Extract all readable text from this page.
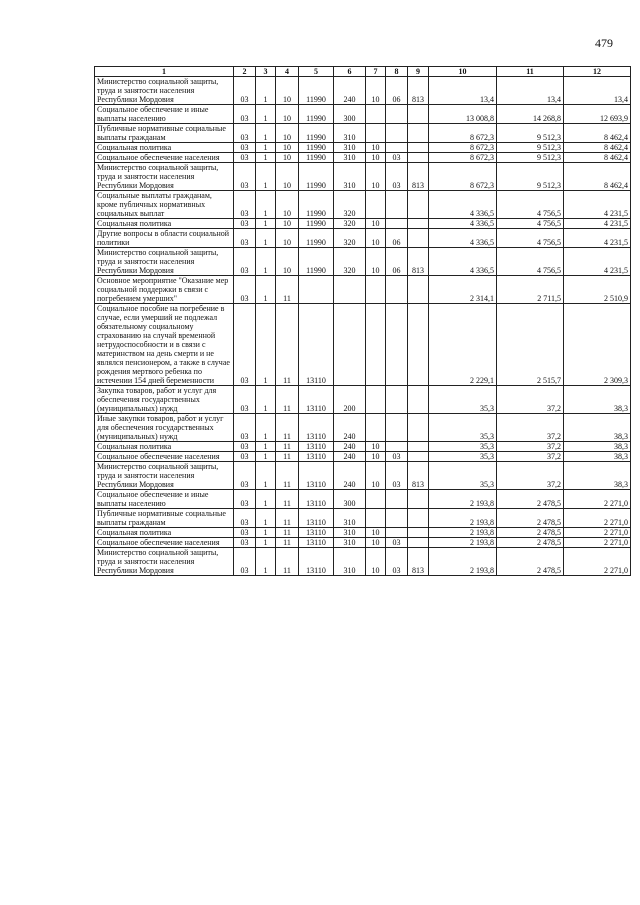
479
1	2	3	4	5	6	7	8	9	10	11	12
Министерство социальной защиты, труда и занятости населения Республики Мордовия	03	1	10	11990	240	10	06	813	13,4	13,4	13,4
Социальное обеспечение и иные выплаты населению	03	1	10	11990	300				13 008,8	14 268,8	12 693,9
Публичные нормативные социальные выплаты гражданам	03	1	10	11990	310				8 672,3	9 512,3	8 462,4
Социальная политика	03	1	10	11990	310	10			8 672,3	9 512,3	8 462,4
Социальное обеспечение населения	03	1	10	11990	310	10	03		8 672,3	9 512,3	8 462,4
Министерство социальной защиты, труда и занятости населения Республики Мордовия	03	1	10	11990	310	10	03	813	8 672,3	9 512,3	8 462,4
Социальные выплаты гражданам, кроме публичных нормативных социальных выплат	03	1	10	11990	320				4 336,5	4 756,5	4 231,5
Социальная политика	03	1	10	11990	320	10			4 336,5	4 756,5	4 231,5
Другие вопросы в области социальной политики	03	1	10	11990	320	10	06		4 336,5	4 756,5	4 231,5
Министерство социальной защиты, труда и занятости населения Республики Мордовия	03	1	10	11990	320	10	06	813	4 336,5	4 756,5	4 231,5
Основное мероприятие "Оказание мер социальной поддержки в связи с погребением умерших"	03	1	11						2 314,1	2 711,5	2 510,9
Социальное пособие на погребение в случае, если умерший не подлежал обязательному социальному страхованию на случай временной нетрудоспособности и в связи с материнством на день смерти и не являлся пенсионером, а также в случае рождения мертвого ребенка по истечении 154 дней беременности	03	1	11	13110					2 229,1	2 515,7	2 309,3
Закупка товаров, работ и услуг для обеспечения государственных (муниципальных) нужд	03	1	11	13110	200				35,3	37,2	38,3
Иные закупки товаров, работ и услуг для обеспечения государственных (муниципальных) нужд	03	1	11	13110	240				35,3	37,2	38,3
Социальная политика	03	1	11	13110	240	10			35,3	37,2	38,3
Социальное обеспечение населения	03	1	11	13110	240	10	03		35,3	37,2	38,3
Министерство социальной защиты, труда и занятости населения Республики Мордовия	03	1	11	13110	240	10	03	813	35,3	37,2	38,3
Социальное обеспечение и иные выплаты населению	03	1	11	13110	300				2 193,8	2 478,5	2 271,0
Публичные нормативные социальные выплаты гражданам	03	1	11	13110	310				2 193,8	2 478,5	2 271,0
Социальная политика	03	1	11	13110	310	10			2 193,8	2 478,5	2 271,0
Социальное обеспечение населения	03	1	11	13110	310	10	03		2 193,8	2 478,5	2 271,0
Министерство социальной защиты, труда и занятости населения Республики Мордовия	03	1	11	13110	310	10	03	813	2 193,8	2 478,5	2 271,0
